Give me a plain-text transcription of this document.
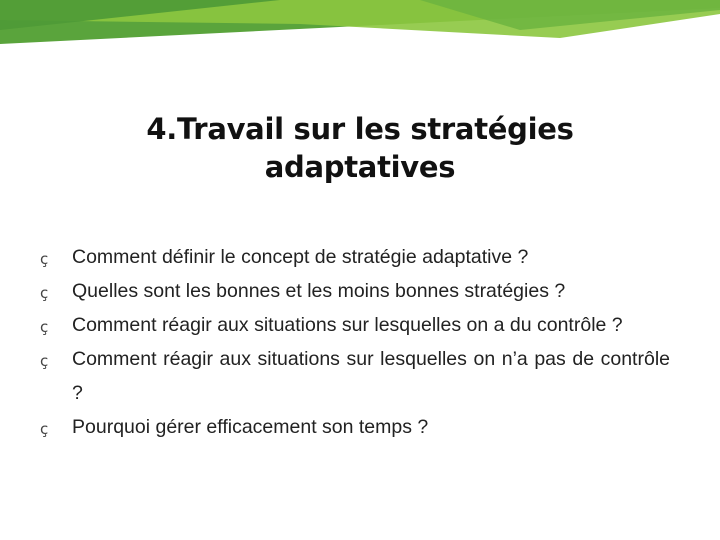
4.Travail sur les stratégies
adaptatives
ç	Comment définir le concept de stratégie adaptative ?
ç	Quelles sont les bonnes et les moins bonnes stratégies ?
ç	Comment réagir aux situations sur lesquelles on a du contrôle ?
ç	Comment réagir aux situations sur lesquelles on n’a pas de contrôle ?
ç	Pourquoi gérer efficacement son temps ?
